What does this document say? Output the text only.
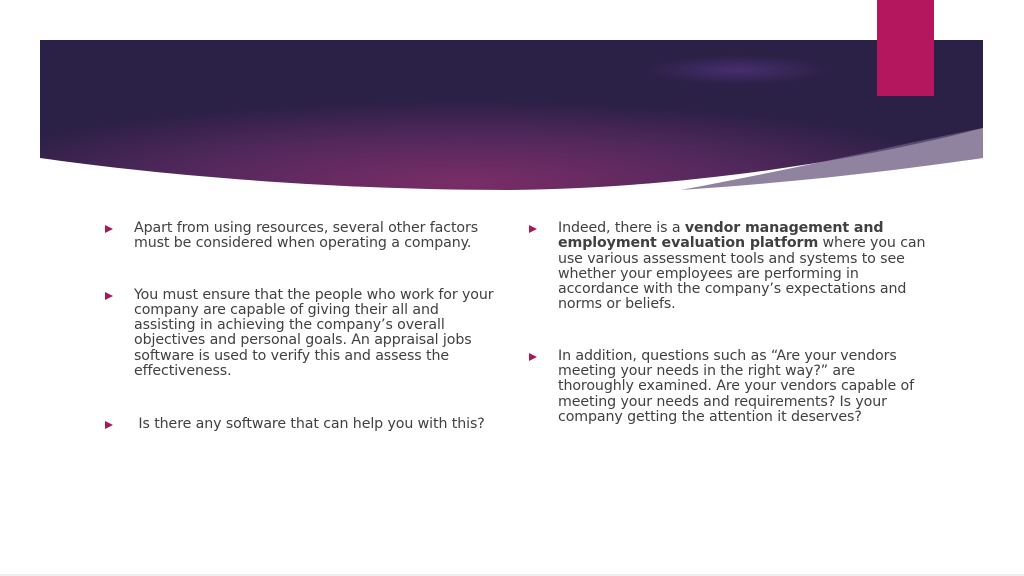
Apart from using resources, several other factors must be considered when operating a company.
You must ensure that the people who work for your company are capable of giving their all and assisting in achieving the company’s overall objectives and personal goals. An appraisal jobs software is used to verify this and assess the effectiveness.
Is there any software that can help you with this?
Indeed, there is a vendor management and employment evaluation platform where you can use various assessment tools and systems to see whether your employees are performing in accordance with the company’s expectations and norms or beliefs.
In addition, questions such as “Are your vendors meeting your needs in the right way?” are thoroughly examined. Are your vendors capable of meeting your needs and requirements? Is your company getting the attention it deserves?
